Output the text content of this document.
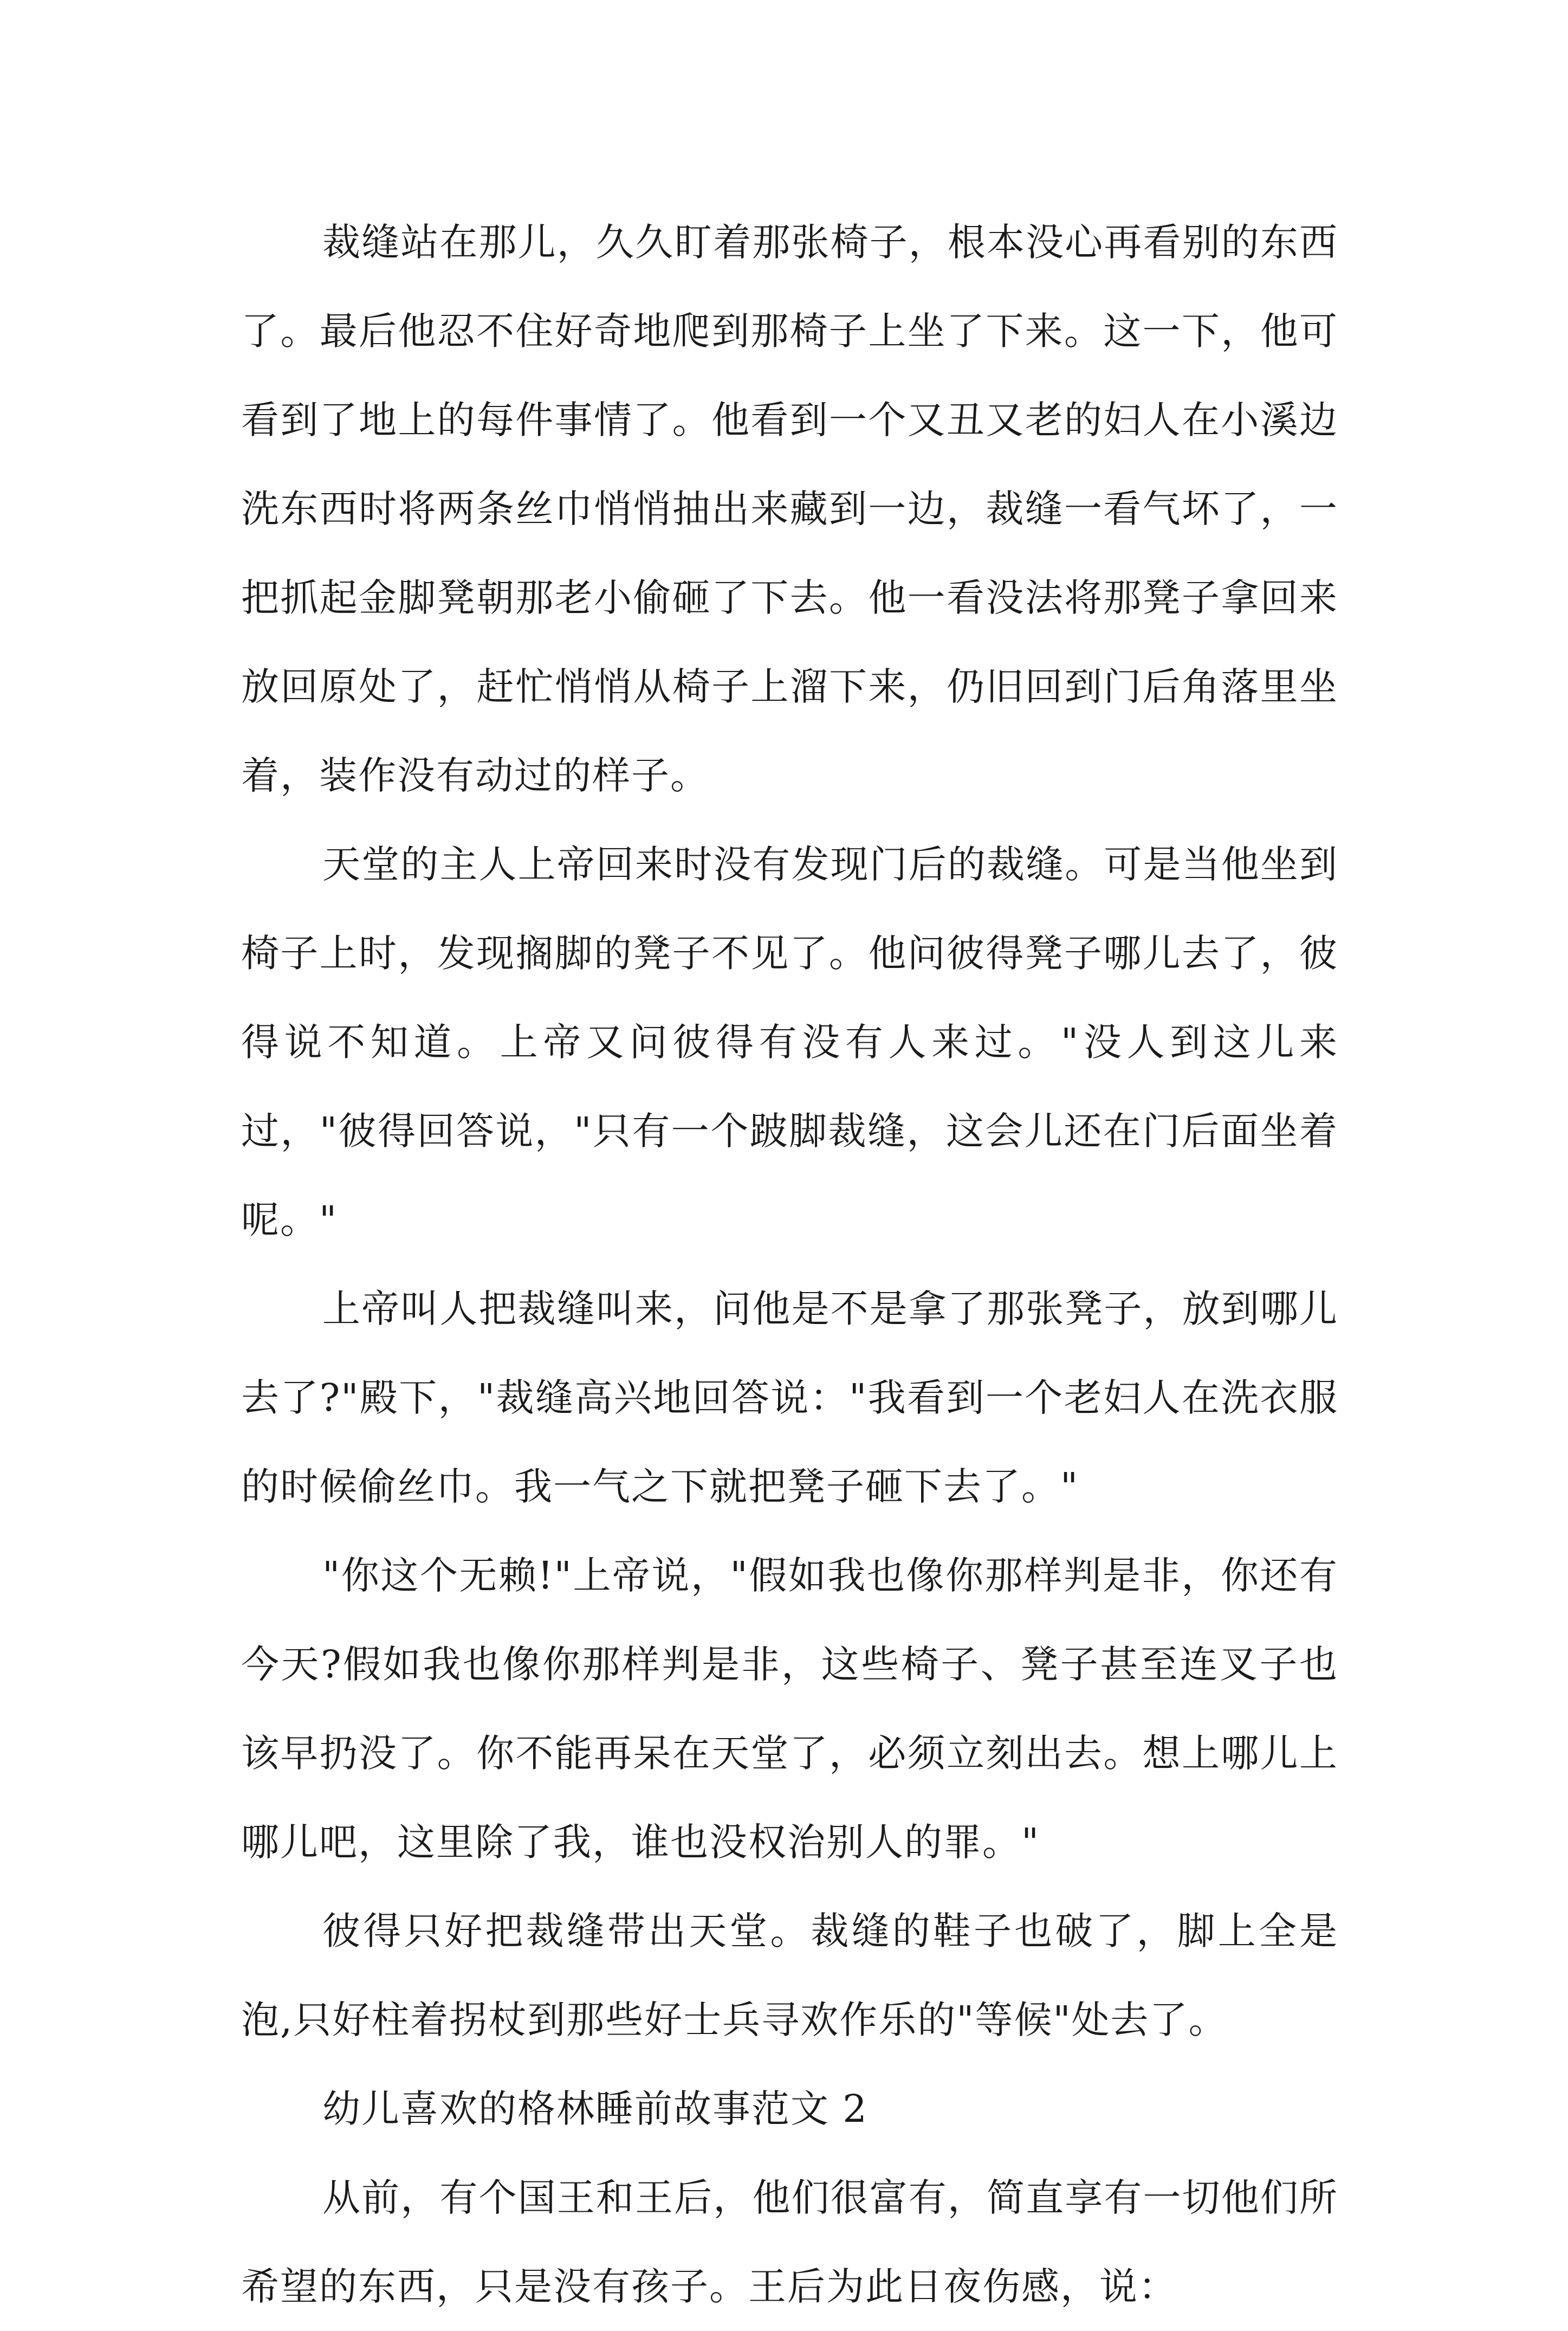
裁缝站在那儿，久久盯着那张椅子，根本没心再看别的东西了。最后他忍不住好奇地爬到那椅子上坐了下来。这一下，他可看到了地上的每件事情了。他看到一个又丑又老的妇人在小溪边洗东西时将两条丝巾悄悄抽出来藏到一边，裁缝一看气坏了，一把抓起金脚凳朝那老小偷砸了下去。他一看没法将那凳子拿回来放回原处了，赶忙悄悄从椅子上溜下来，仍旧回到门后角落里坐着，装作没有动过的样子。

天堂的主人上帝回来时没有发现门后的裁缝。可是当他坐到椅子上时，发现搁脚的凳子不见了。他问彼得凳子哪儿去了，彼得说不知道。上帝又问彼得有没有人来过。"没人到这儿来过，"彼得回答说，"只有一个跛脚裁缝，这会儿还在门后面坐着呢。"

上帝叫人把裁缝叫来，问他是不是拿了那张凳子，放到哪儿去了?"殿下，"裁缝高兴地回答说："我看到一个老妇人在洗衣服的时候偷丝巾。我一气之下就把凳子砸下去了。"

"你这个无赖!"上帝说，"假如我也像你那样判是非，你还有今天?假如我也像你那样判是非，这些椅子、凳子甚至连叉子也该早扔没了。你不能再呆在天堂了，必须立刻出去。想上哪儿上哪儿吧，这里除了我，谁也没权治别人的罪。"

彼得只好把裁缝带出天堂。裁缝的鞋子也破了，脚上全是泡,只好柱着拐杖到那些好士兵寻欢作乐的"等候"处去了。

幼儿喜欢的格林睡前故事范文 2

从前，有个国王和王后，他们很富有，简直享有一切他们所希望的东西，只是没有孩子。王后为此日夜伤感，说：
